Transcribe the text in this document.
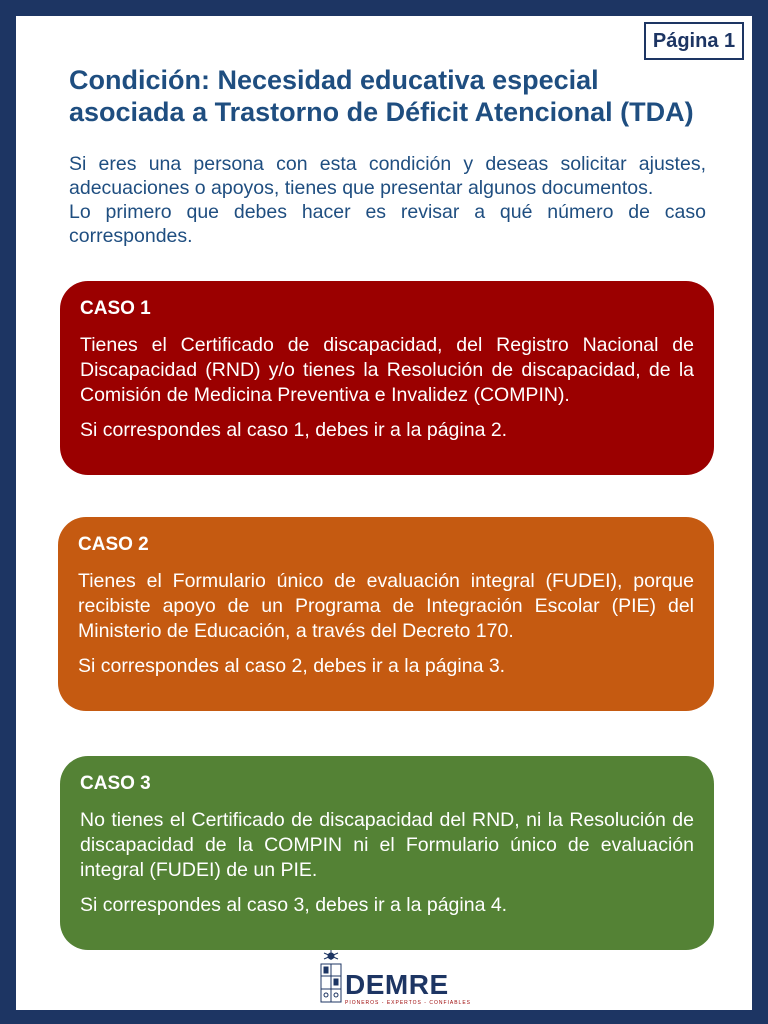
Página 1
Condición: Necesidad educativa especial asociada a Trastorno de Déficit Atencional (TDA)

Si eres una persona con esta condición y deseas solicitar ajustes, adecuaciones o apoyos, tienes que presentar algunos documentos.

Lo primero que debes hacer es revisar a qué número de caso correspondes.

CASO 1

Tienes el Certificado de discapacidad, del Registro Nacional de Discapacidad (RND) y/o tienes la Resolución de discapacidad, de la Comisión de Medicina Preventiva e Invalidez (COMPIN).

Si correspondes al caso 1, debes ir a la página 2.

CASO 2

Tienes el Formulario único de evaluación integral (FUDEI), porque recibiste apoyo de un Programa de Integración Escolar (PIE) del Ministerio de Educación, a través del Decreto 170.

Si correspondes al caso 2, debes ir a la página 3.

CASO 3

No tienes el Certificado de discapacidad del RND, ni la Resolución de discapacidad de la COMPIN ni el Formulario único de evaluación integral (FUDEI) de un PIE.

Si correspondes al caso 3, debes ir a la página 4.

DEMRE
PIONEROS - EXPERTOS - CONFIABLES
